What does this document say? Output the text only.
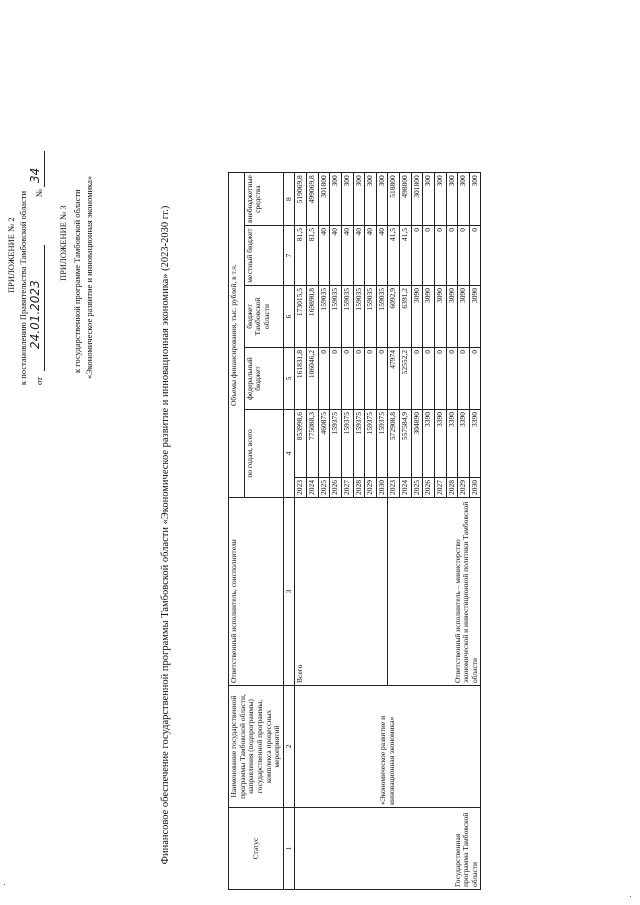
ПРИЛОЖЕНИЕ № 2 к постановлению Правительства Тамбовской области от
24.01.2023
№
34
ПРИЛОЖЕНИЕ № 3 к государственной программе Тамбовской области «Экономическое развитие и инновационная экономика»	Финансовое обеспечение государственной программы Тамбовской области «Экономическое развитие и инновационная экономика» (2023-2030 гг.)	Статус	Наименование государственной программы Тамбовской области, направления (подпрограммы) государственной программы, комплекса процессных мероприятий	Ответственный исполнитель, соисполнители	Объемы финансирования, тыс. рублей, в т.ч.					
			по годам, всего		федеральный бюджет	бюджет Тамбовской области	местный бюджет	внебюджетные средства
1	2	3	4		5	6	7	8
Государственная программа Тамбовской области	«Экономическое развитие и инновационная экономика»	Всего	2023	853998,6	161831,8	173015,5	81,5	519069,8
			2024	775088,3	106046,2	169890,8	81,5	499069,8
			2025	460875	0	159035	40	301800
			2026	159375	0	159035	40	300
			2027	159375	0	159035	40	300
			2028	159375	0	159035	40	300
			2029	159375	0	159035	40	300
			2030	159375	0	159035	40	300
		Ответственный исполнитель – министерство экономической и инвестиционной политики Тамбовской области	2023	572908,8	47974	6092,9	41,5	518800
			2024	557584,9	52552,2	6391,2	41,5	498800
			2025	304890	0	3090	0	301800
			2026	3390	0	3090	0	300
			2027	3390	0	3090	0	300
			2028	3390	0	3090	0	300
			2029	3390	0	3090	0	300
			2030	3390	0	3090	0	300
